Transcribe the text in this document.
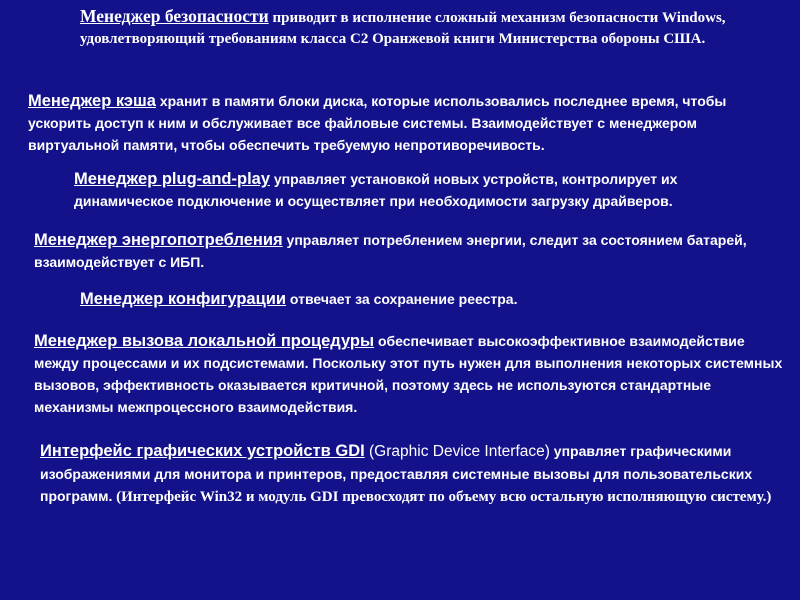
Менеджер безопасности приводит в исполнение сложный механизм безопасности Windows, удовлетворяющий требованиям класса С2 Оранжевой книги Министерства обороны США.

Менеджер кэша хранит в памяти блоки диска, которые использовались последнее время, чтобы ускорить доступ к ним и обслуживает все файловые системы. Взаимодействует с менеджером виртуальной памяти, чтобы обеспечить требуемую непротиворечивость.

Менеджер plug-and-play управляет установкой новых устройств, контролирует их динамическое подключение и осуществляет при необходимости загрузку драйверов.

Менеджер энергопотребления управляет потреблением энергии, следит за состоянием батарей, взаимодействует с ИБП.

Менеджер конфигурации отвечает за сохранение реестра.

Менеджер вызова локальной процедуры обеспечивает высокоэффективное взаимодействие между процессами и их подсистемами. Поскольку этот путь нужен для выполнения некоторых системных вызовов, эффективность оказывается критичной, поэтому здесь не используются стандартные механизмы межпроцессного взаимодействия.

Интерфейс графических устройств GDI (Graphic Device Interface) управляет графическими изображениями для монитора и принтеров, предоставляя системные вызовы для пользовательских программ. (Интерфейс Win32 и модуль GDI превосходят по объему всю остальную исполняющую систему.)
